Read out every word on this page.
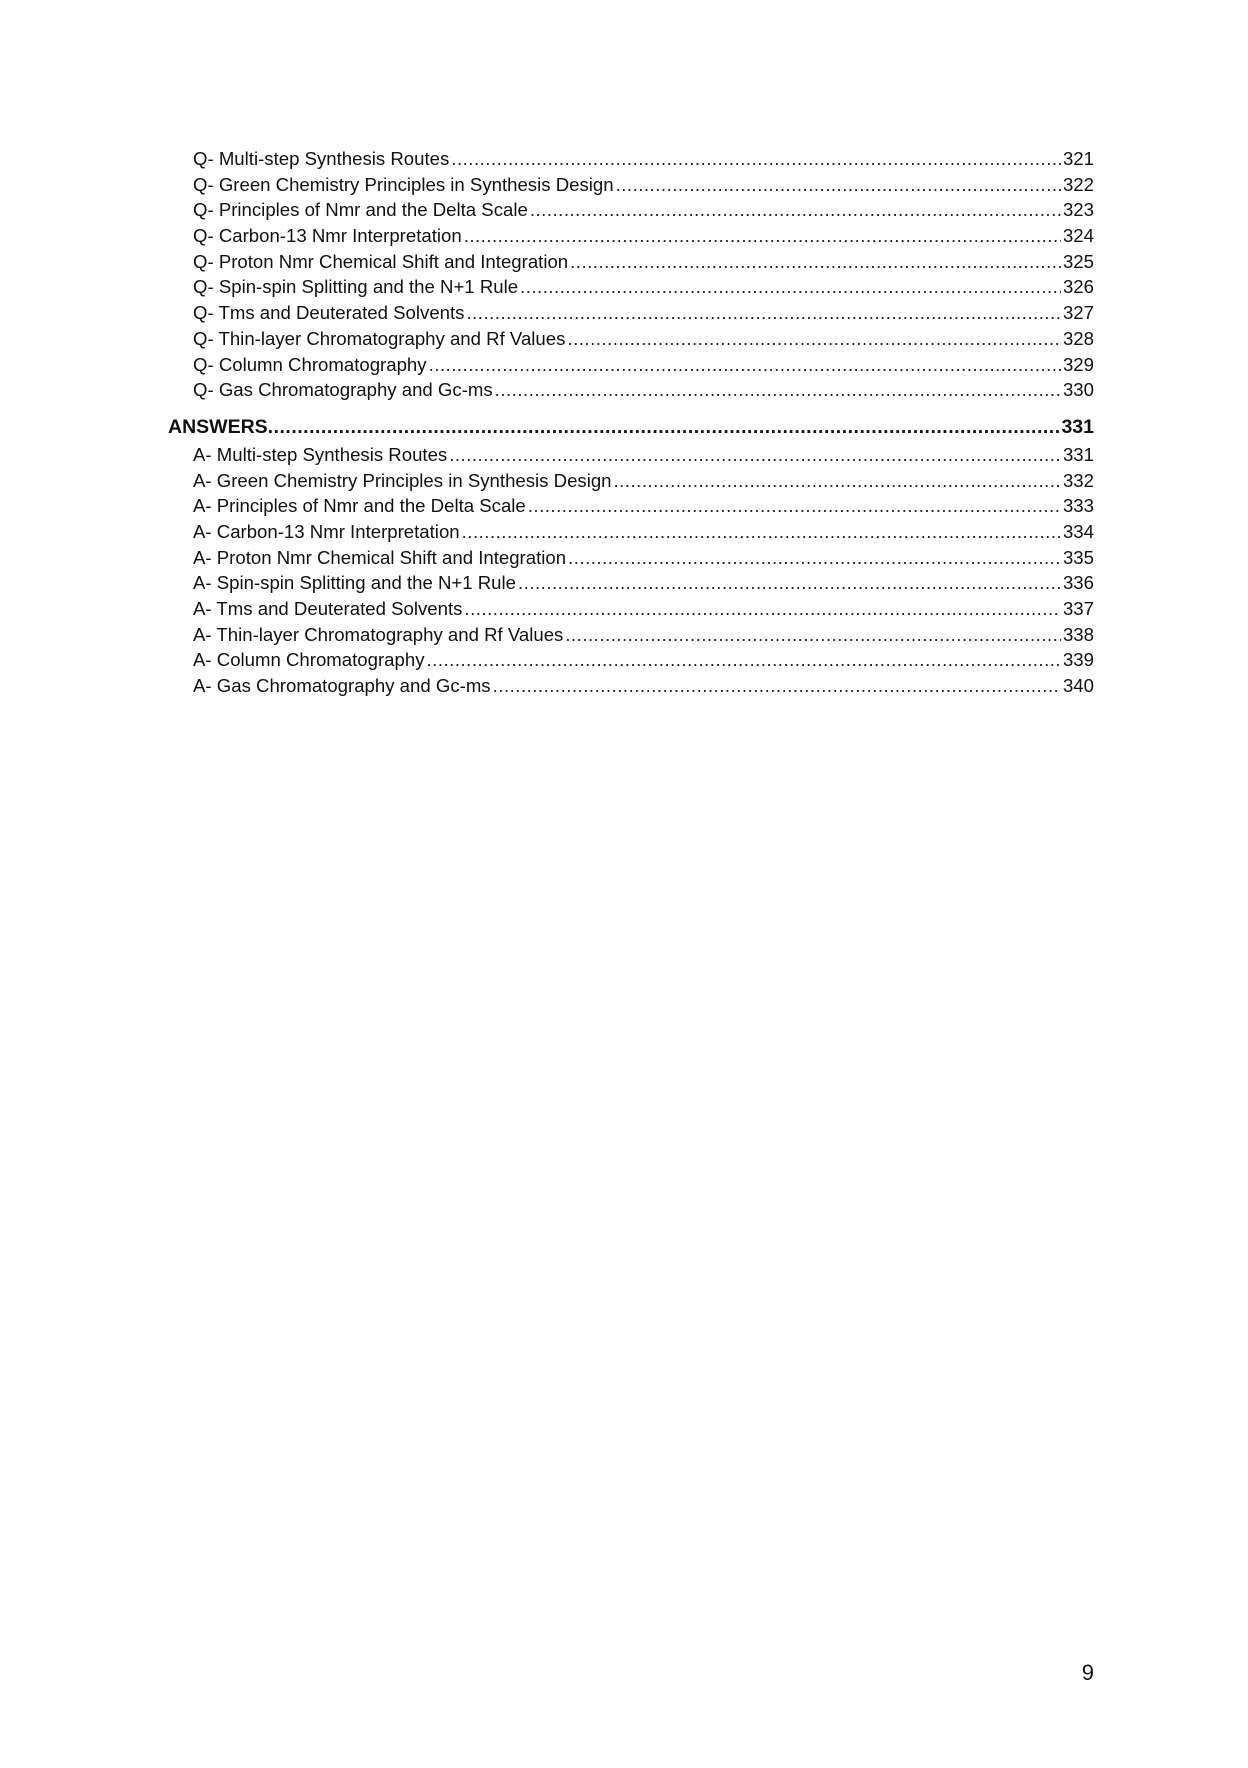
Q- Multi-step Synthesis Routes .....	321
Q- Green Chemistry Principles in Synthesis Design .....	322
Q- Principles of Nmr and the Delta Scale .....	323
Q- Carbon-13 Nmr Interpretation .....	324
Q- Proton Nmr Chemical Shift and Integration .....	325
Q- Spin-spin Splitting and the N+1 Rule .....	326
Q- Tms and Deuterated Solvents .....	327
Q- Thin-layer Chromatography and Rf Values .....	328
Q- Column Chromatography .....	329
Q- Gas Chromatography and Gc-ms .....	330
ANSWERS .....	331
A- Multi-step Synthesis Routes .....	331
A- Green Chemistry Principles in Synthesis Design .....	332
A- Principles of Nmr and the Delta Scale .....	333
A- Carbon-13 Nmr Interpretation .....	334
A- Proton Nmr Chemical Shift and Integration .....	335
A- Spin-spin Splitting and the N+1 Rule .....	336
A- Tms and Deuterated Solvents .....	337
A- Thin-layer Chromatography and Rf Values .....	338
A- Column Chromatography .....	339
A- Gas Chromatography and Gc-ms .....	340
9
